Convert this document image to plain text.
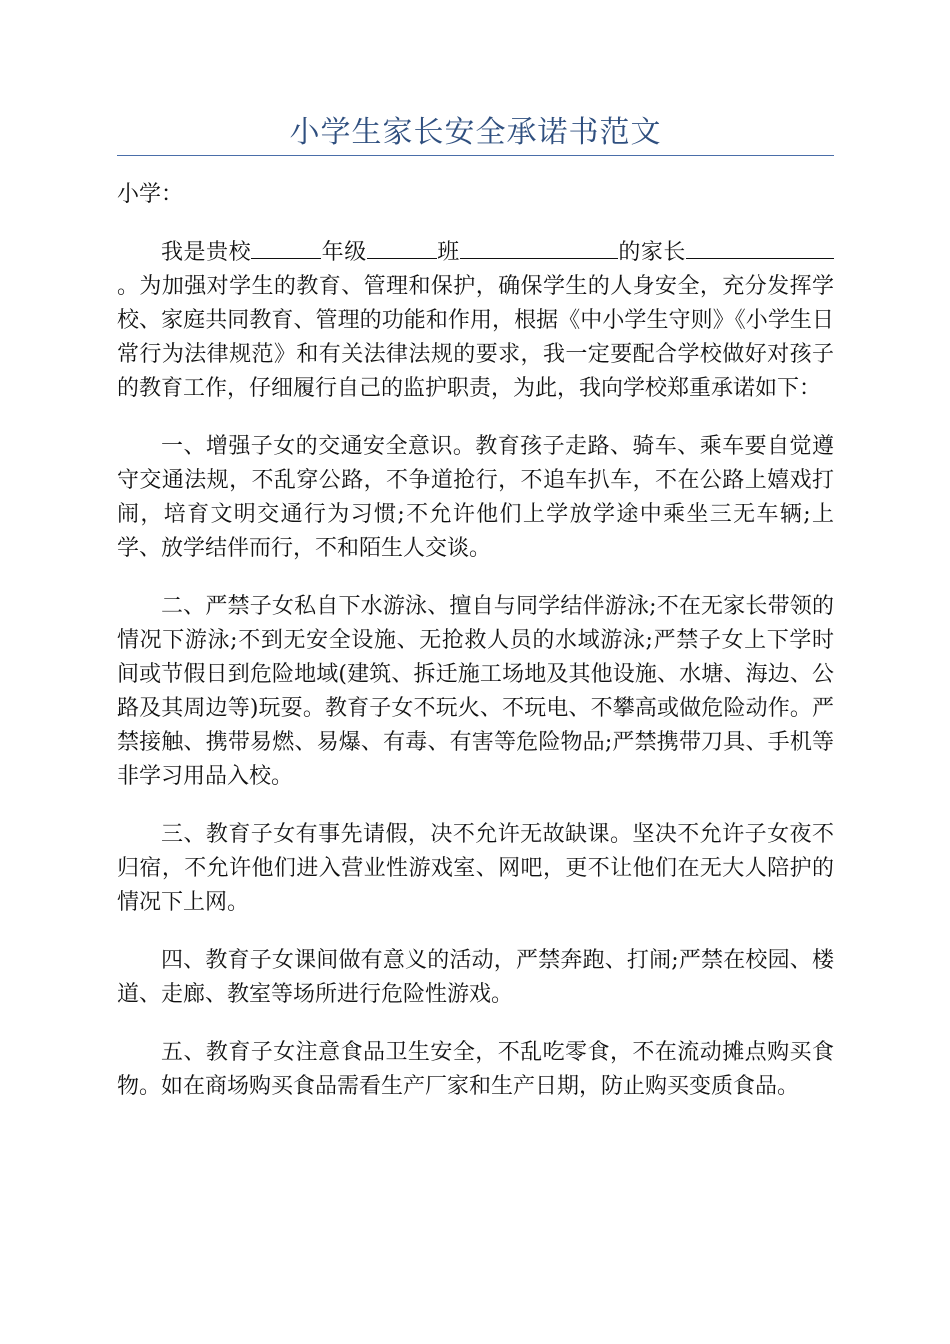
小学生家长安全承诺书范文

小学：

我是贵校	年级	班	的家长。为加强对学生的教育、管理和保护，确保学生的人身安全，充分发挥学校、家庭共同教育、管理的功能和作用，根据《中小学生守则》《小学生日常行为法律规范》和有关法律法规的要求，我一定要配合学校做好对孩子的教育工作，仔细履行自己的监护职责，为此，我向学校郑重承诺如下：

一、增强子女的交通安全意识。教育孩子走路、骑车、乘车要自觉遵守交通法规，不乱穿公路，不争道抢行，不追车扒车，不在公路上嬉戏打闹，培育文明交通行为习惯;不允许他们上学放学途中乘坐三无车辆;上学、放学结伴而行，不和陌生人交谈。

二、严禁子女私自下水游泳、擅自与同学结伴游泳;不在无家长带领的情况下游泳;不到无安全设施、无抢救人员的水域游泳;严禁子女上下学时间或节假日到危险地域(建筑、拆迁施工场地及其他设施、水塘、海边、公路及其周边等)玩耍。教育子女不玩火、不玩电、不攀高或做危险动作。严禁接触、携带易燃、易爆、有毒、有害等危险物品;严禁携带刀具、手机等非学习用品入校。

三、教育子女有事先请假，决不允许无故缺课。坚决不允许子女夜不归宿，不允许他们进入营业性游戏室、网吧，更不让他们在无大人陪护的情况下上网。

四、教育子女课间做有意义的活动，严禁奔跑、打闹;严禁在校园、楼道、走廊、教室等场所进行危险性游戏。

五、教育子女注意食品卫生安全，不乱吃零食，不在流动摊点购买食物。如在商场购买食品需看生产厂家和生产日期，防止购买变质食品。
